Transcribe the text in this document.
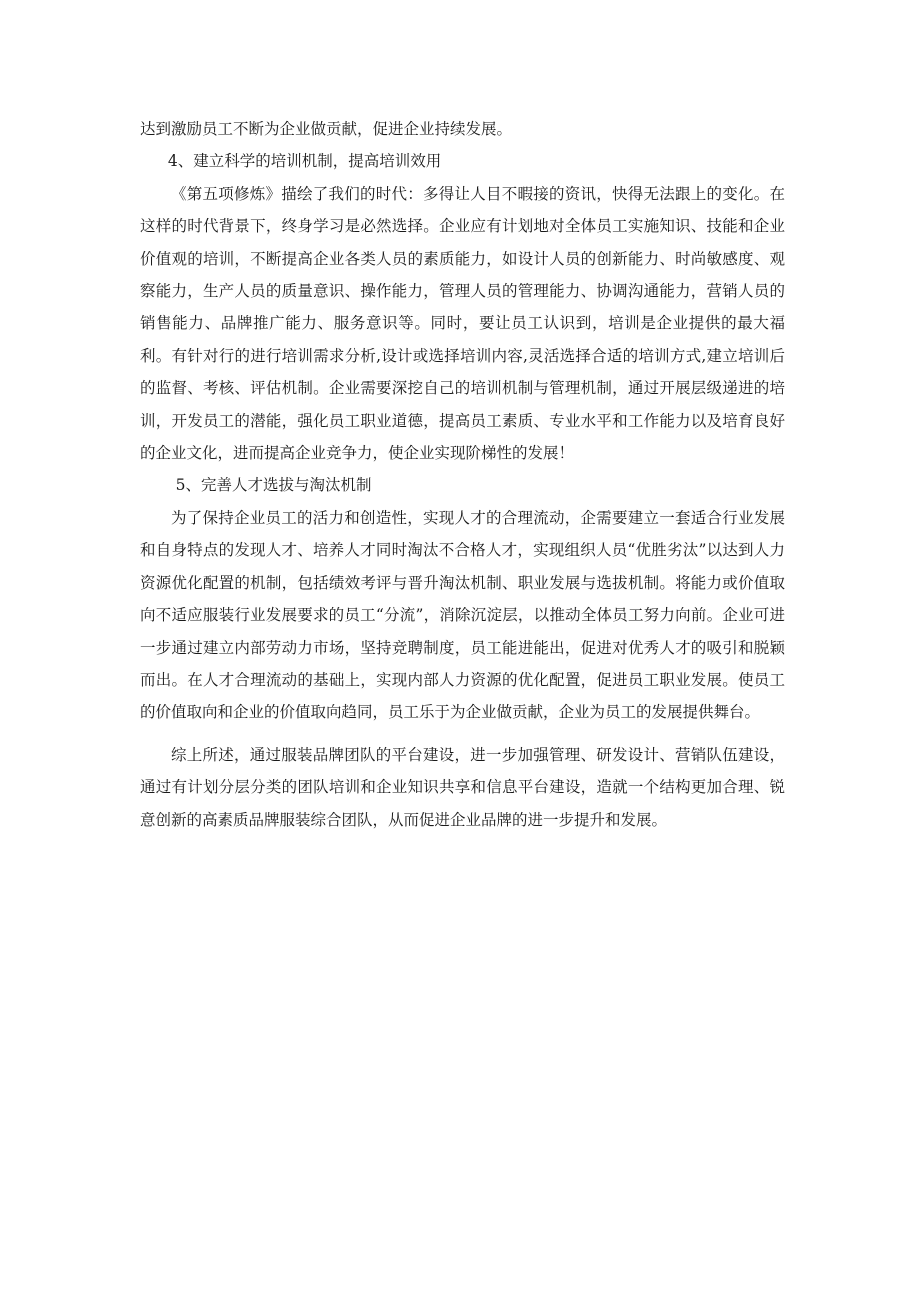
达到激励员工不断为企业做贡献，促进企业持续发展。

4、建立科学的培训机制，提高培训效用

《第五项修炼》描绘了我们的时代：多得让人目不暇接的资讯，快得无法跟上的变化。在这样的时代背景下，终身学习是必然选择。企业应有计划地对全体员工实施知识、技能和企业价值观的培训，不断提高企业各类人员的素质能力，如设计人员的创新能力、时尚敏感度、观察能力，生产人员的质量意识、操作能力，管理人员的管理能力、协调沟通能力，营销人员的销售能力、品牌推广能力、服务意识等。同时，要让员工认识到，培训是企业提供的最大福利。有针对行的进行培训需求分析,设计或选择培训内容,灵活选择合适的培训方式,建立培训后的监督、考核、评估机制。企业需要深挖自己的培训机制与管理机制，通过开展层级递进的培训，开发员工的潜能，强化员工职业道德，提高员工素质、专业水平和工作能力以及培育良好的企业文化，进而提高企业竞争力，使企业实现阶梯性的发展！

5、完善人才选拔与淘汰机制

为了保持企业员工的活力和创造性，实现人才的合理流动，企需要建立一套适合行业发展和自身特点的发现人才、培养人才同时淘汰不合格人才，实现组织人员“优胜劣汰”以达到人力资源优化配置的机制，包括绩效考评与晋升淘汰机制、职业发展与选拔机制。将能力或价值取向不适应服装行业发展要求的员工“分流”，消除沉淀层，以推动全体员工努力向前。企业可进一步通过建立内部劳动力市场，坚持竞聘制度，员工能进能出，促进对优秀人才的吸引和脱颖而出。在人才合理流动的基础上，实现内部人力资源的优化配置，促进员工职业发展。使员工的价值取向和企业的价值取向趋同，员工乐于为企业做贡献，企业为员工的发展提供舞台。

综上所述，通过服装品牌团队的平台建设，进一步加强管理、研发设计、营销队伍建设，通过有计划分层分类的团队培训和企业知识共享和信息平台建设，造就一个结构更加合理、锐意创新的高素质品牌服装综合团队，从而促进企业品牌的进一步提升和发展。
